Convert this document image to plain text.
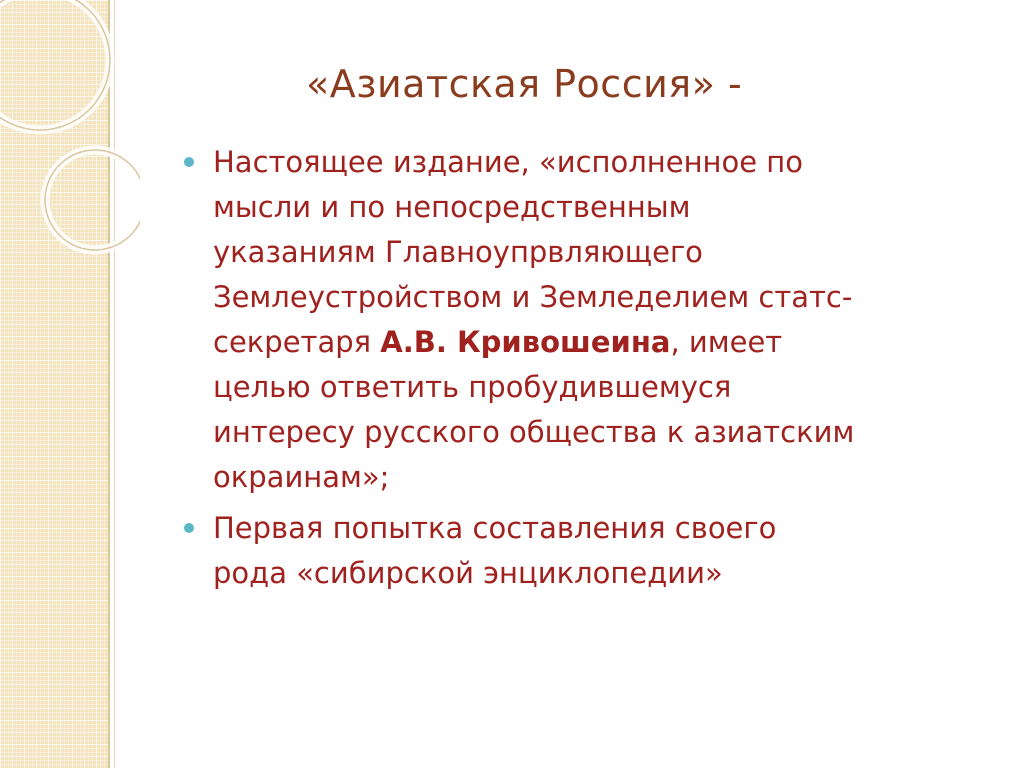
«Азиатская Россия» -
Настоящее издание, «исполненное по
мысли и по непосредственным
указаниям Главноупрвляющего
Землеустройством и Земледелием статс-
секретаря А.В. Кривошеина, имеет
целью ответить пробудившемуся
интересу русского общества к азиатским
окраинам»;
Первая попытка составления своего
рода «сибирской энциклопедии»
